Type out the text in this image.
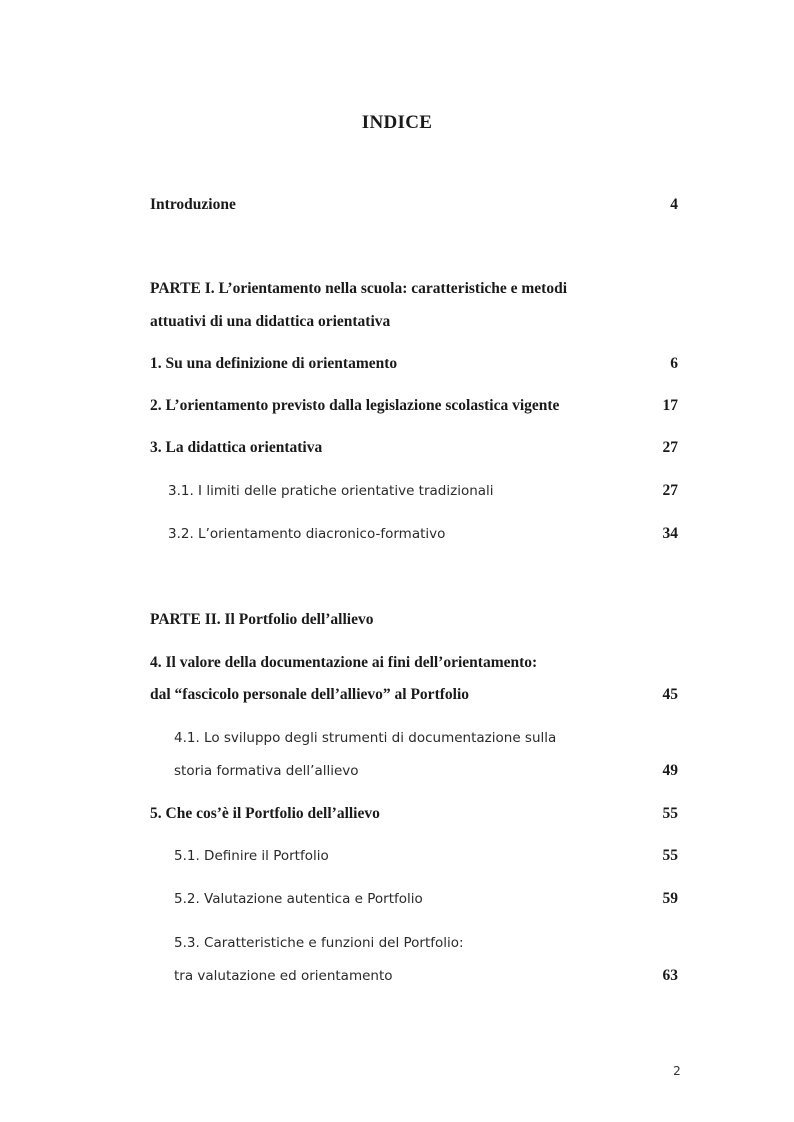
INDICE
Introduzione	4
PARTE I. L’orientamento nella scuola: caratteristiche e metodi
attuativi di una didattica orientativa
1. Su una definizione di orientamento	6
2. L’orientamento previsto dalla legislazione scolastica vigente	17
3. La didattica orientativa	27
3.1. I limiti delle pratiche orientative tradizionali	27
3.2. L’orientamento diacronico-formativo	34
PARTE II. Il Portfolio dell’allievo
4. Il valore della documentazione ai fini dell’orientamento:
dal “fascicolo personale dell’allievo” al Portfolio	45
4.1. Lo sviluppo degli strumenti di documentazione sulla
storia formativa dell’allievo	49
5. Che cos’è il Portfolio dell’allievo	55
5.1. Definire il Portfolio	55
5.2. Valutazione autentica e Portfolio	59
5.3. Caratteristiche e funzioni del Portfolio:
tra valutazione ed orientamento	63
2
